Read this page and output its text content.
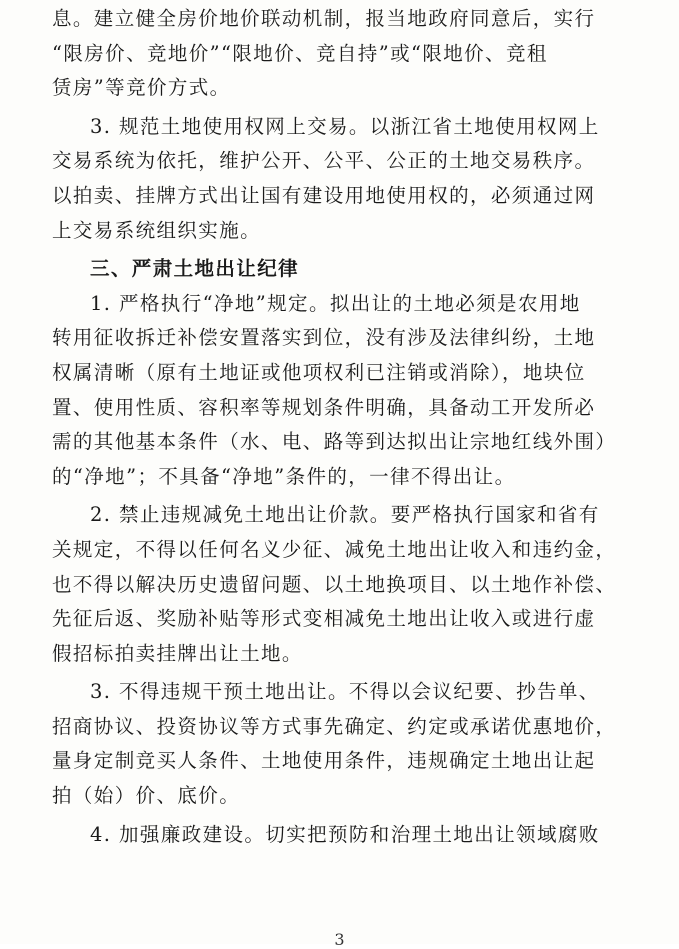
息。建立健全房价地价联动机制，报当地政府同意后，实行
“限房价、竞地价”“限地价、竞自持”或“限地价、竞租
赁房”等竞价方式。
3. 规范土地使用权网上交易。以浙江省土地使用权网上
交易系统为依托，维护公开、公平、公正的土地交易秩序。
以拍卖、挂牌方式出让国有建设用地使用权的，必须通过网
上交易系统组织实施。
三、严肃土地出让纪律
1. 严格执行“净地”规定。拟出让的土地必须是农用地
转用征收拆迁补偿安置落实到位，没有涉及法律纠纷，土地
权属清晰（原有土地证或他项权利已注销或消除），地块位
置、使用性质、容积率等规划条件明确，具备动工开发所必
需的其他基本条件（水、电、路等到达拟出让宗地红线外围）
的“净地”；不具备“净地”条件的，一律不得出让。
2. 禁止违规减免土地出让价款。要严格执行国家和省有
关规定，不得以任何名义少征、减免土地出让收入和违约金，
也不得以解决历史遗留问题、以土地换项目、以土地作补偿、
先征后返、奖励补贴等形式变相减免土地出让收入或进行虚
假招标拍卖挂牌出让土地。
3. 不得违规干预土地出让。不得以会议纪要、抄告单、
招商协议、投资协议等方式事先确定、约定或承诺优惠地价，
量身定制竞买人条件、土地使用条件，违规确定土地出让起
拍（始）价、底价。
4. 加强廉政建设。切实把预防和治理土地出让领域腐败
3
